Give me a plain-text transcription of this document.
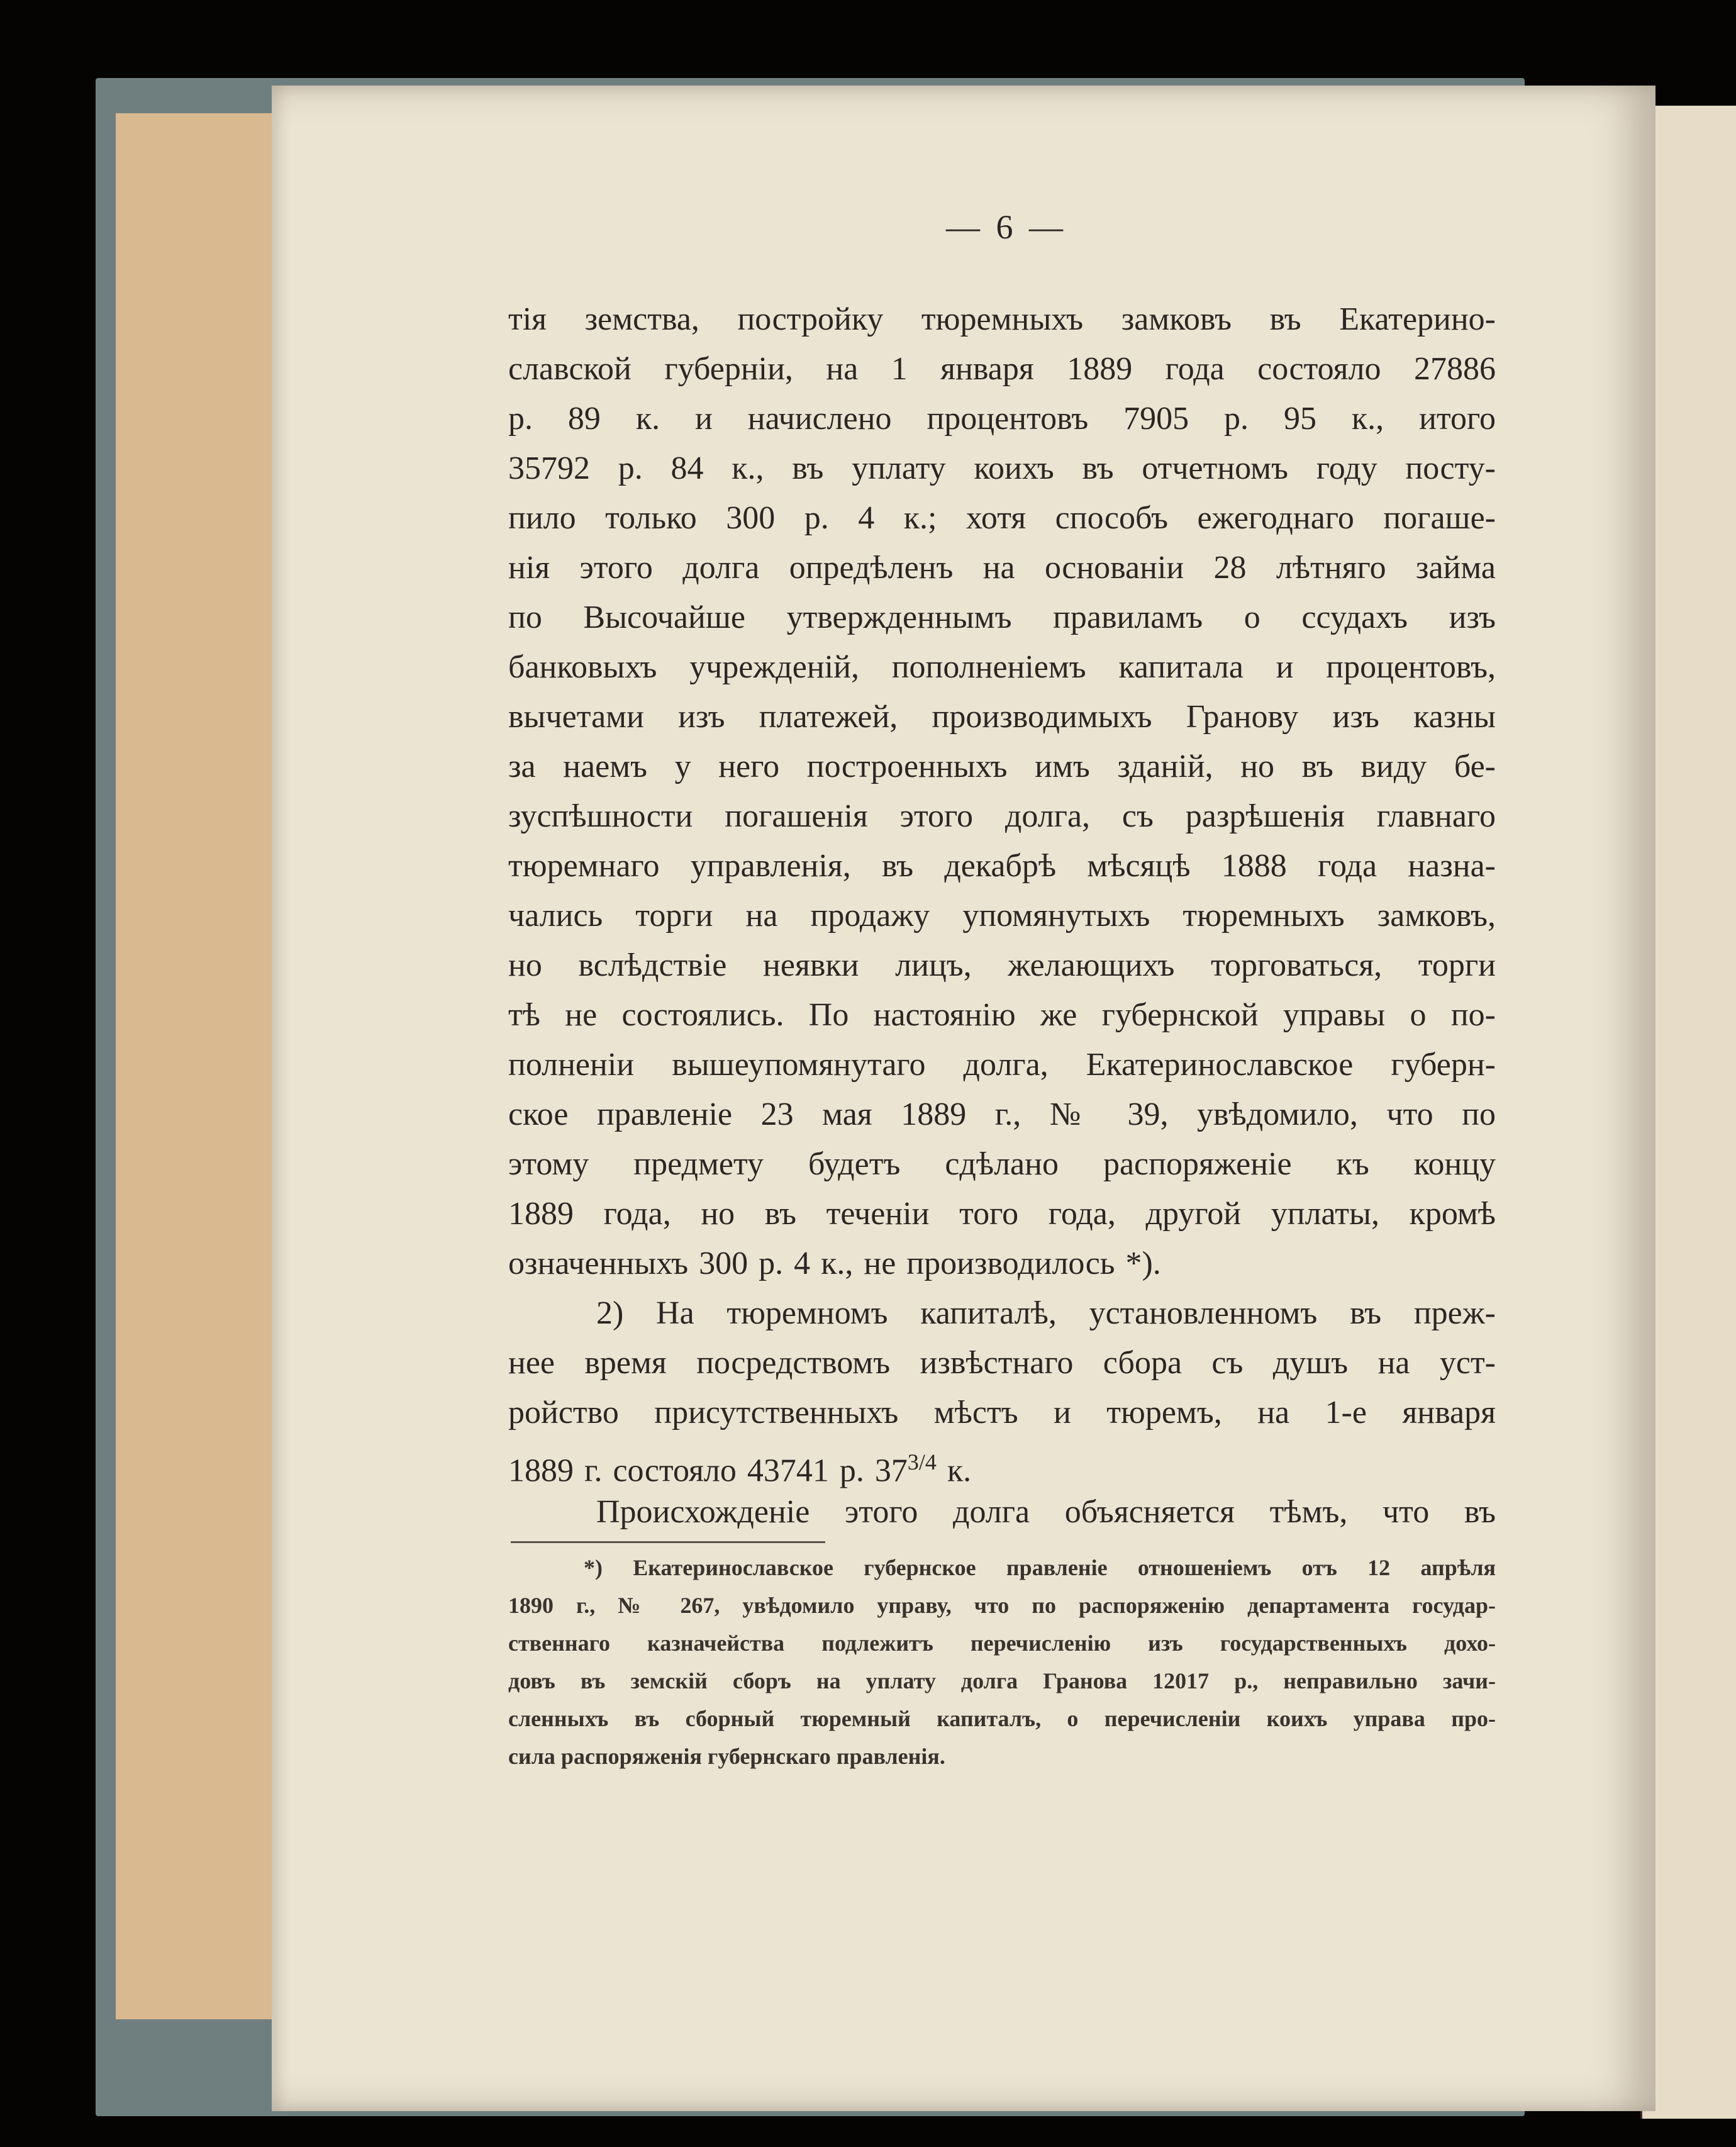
— 6 —
тія земства, постройку тюремныхъ замковъ въ Екатерино-
славской губерніи, на 1 января 1889 года состояло 27886
р. 89 к. и начислено процентовъ 7905 р. 95 к., итого
35792 р. 84 к., въ уплату коихъ въ отчетномъ году посту-
пило только 300 р. 4 к.; хотя способъ ежегоднаго погаше-
нія этого долга опредѣленъ на основаніи 28 лѣтняго займа
по Высочайше утвержденнымъ правиламъ о ссудахъ изъ
банковыхъ учрежденій, пополненіемъ капитала и процентовъ,
вычетами изъ платежей, производимыхъ Гранову изъ казны
за наемъ у него построенныхъ имъ зданій, но въ виду бе-
зуспѣшности погашенія этого долга, съ разрѣшенія главнаго
тюремнаго управленія, въ декабрѣ мѣсяцѣ 1888 года назна-
чались торги на продажу упомянутыхъ тюремныхъ замковъ,
но вслѣдствіе неявки лицъ, желающихъ торговаться, торги
тѣ не состоялись. По настоянію же губернской управы о по-
полненіи вышеупомянутаго долга, Екатеринославское губерн-
ское правленіе 23 мая 1889 г., № 39, увѣдомило, что по
этому предмету будетъ сдѣлано распоряженіе къ концу
1889 года, но въ теченіи того года, другой уплаты, кромѣ
означенныхъ 300 р. 4 к., не производилось *).
2) На тюремномъ капиталѣ, установленномъ въ преж-
нее время посредствомъ извѣстнаго сбора съ душъ на уст-
ройство присутственныхъ мѣстъ и тюремъ, на 1-е января
1889 г. состояло 43741 р. $37^{3/4}$ к.
Происхожденіе этого долга объясняется тѣмъ, что въ
*) Екатеринославское губернское правленіе отношеніемъ отъ 12 апрѣля
1890 г., № 267, увѣдомило управу, что по распоряженію департамента государ-
ственнаго казначейства подлежитъ перечисленію изъ государственныхъ дохо-
довъ въ земскій сборъ на уплату долга Гранова 12017 р., неправильно зачи-
сленныхъ въ сборный тюремный капиталъ, о перечисленіи коихъ управа про-
сила распоряженія губернскаго правленія.
